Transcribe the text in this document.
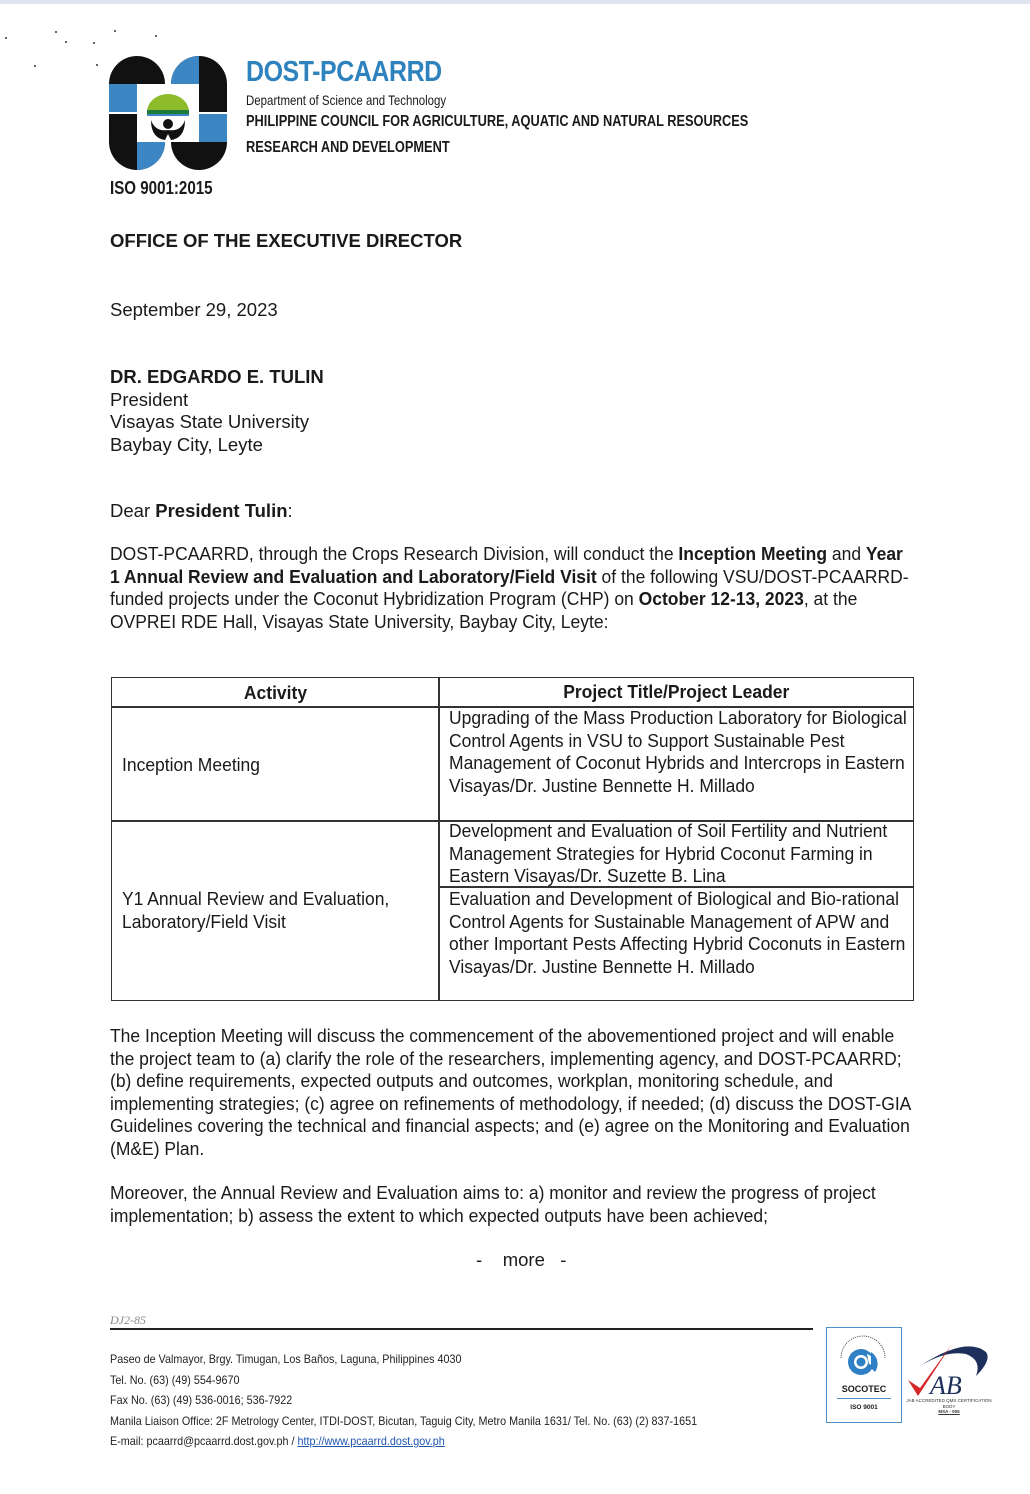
DOST-PCAARRD
Department of Science and Technology
PHILIPPINE COUNCIL FOR AGRICULTURE, AQUATIC AND NATURAL RESOURCES
RESEARCH AND DEVELOPMENT
ISO 9001:2015
OFFICE OF THE EXECUTIVE DIRECTOR
September 29, 2023
DR. EDGARDO E. TULIN
President
Visayas State University
Baybay City, Leyte
Dear President Tulin:
DOST-PCAARRD, through the Crops Research Division, will conduct the Inception Meeting and Year 1 Annual Review and Evaluation and Laboratory/Field Visit of the following VSU/DOST-PCAARRD-funded projects under the Coconut Hybridization Program (CHP) on October 12-13, 2023, at the OVPREI RDE Hall, Visayas State University, Baybay City, Leyte:
Activity	Project Title/Project Leader
Inception Meeting
Upgrading of the Mass Production Laboratory for Biological Control Agents in VSU to Support Sustainable Pest Management of Coconut Hybrids and Intercrops in Eastern Visayas/Dr. Justine Bennette H. Millado
Y1 Annual Review and Evaluation, Laboratory/Field Visit
Development and Evaluation of Soil Fertility and Nutrient Management Strategies for Hybrid Coconut Farming in Eastern Visayas/Dr. Suzette B. Lina
Evaluation and Development of Biological and Bio-rational Control Agents for Sustainable Management of APW and other Important Pests Affecting Hybrid Coconuts in Eastern Visayas/Dr. Justine Bennette H. Millado
The Inception Meeting will discuss the commencement of the abovementioned project and will enable the project team to (a) clarify the role of the researchers, implementing agency, and DOST-PCAARRD; (b) define requirements, expected outputs and outcomes, workplan, monitoring schedule, and implementing strategies; (c) agree on refinements of methodology, if needed; (d) discuss the DOST-GIA Guidelines covering the technical and financial aspects; and (e) agree on the Monitoring and Evaluation (M&E) Plan.
Moreover, the Annual Review and Evaluation aims to: a) monitor and review the progress of project implementation; b) assess the extent to which expected outputs have been achieved;
-    more   -
DJ2-85
Paseo de Valmayor, Brgy. Timugan, Los Baños, Laguna, Philippines 4030
Tel. No. (63) (49) 554-9670
Fax No. (63) (49) 536-0016; 536-7922
Manila Liaison Office: 2F Metrology Center, ITDI-DOST, Bicutan, Taguig City, Metro Manila 1631/ Tel. No. (63) (2) 837-1651
E-mail: pcaarrd@pcaarrd.dost.gov.ph / http://www.pcaarrd.dost.gov.ph
SOCOTEC
ISO 9001
AB
JAB ACCREDITED QMS CERTIFICATION BODY
MSA - 005
